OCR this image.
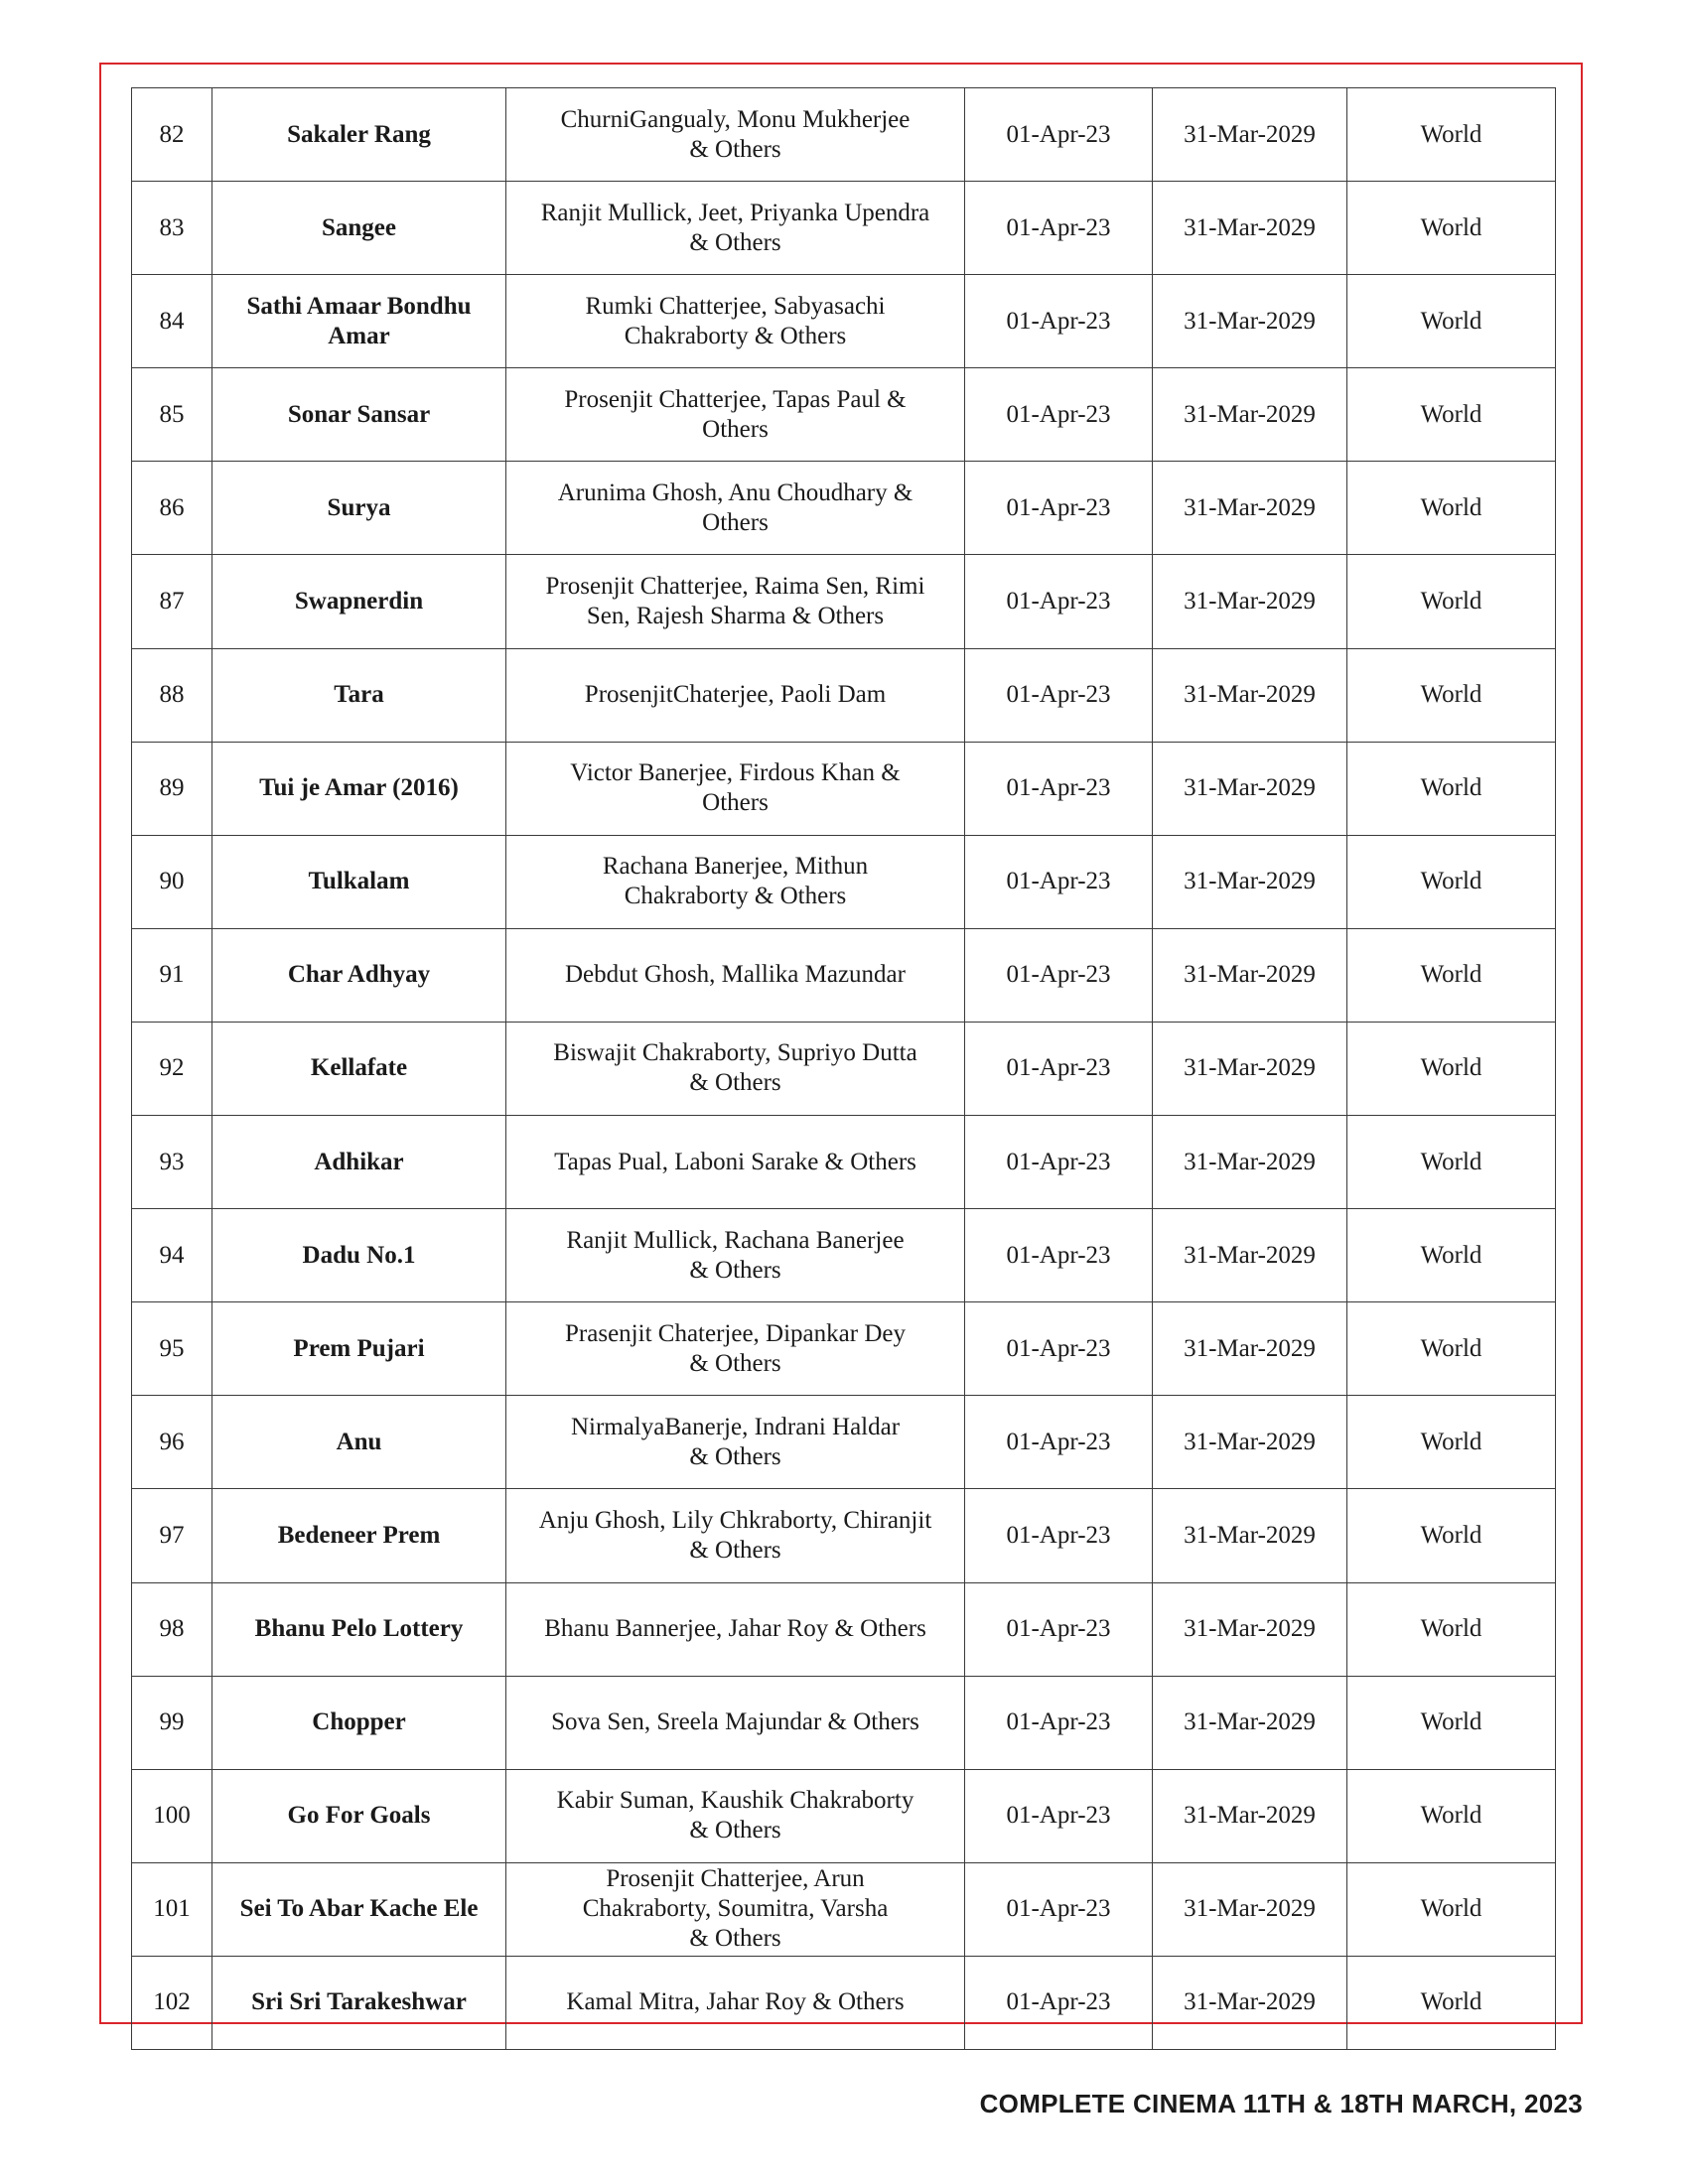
82	Sakaler Rang	ChurniGangualy, Monu Mukherjee
& Others	01-Apr-23	31-Mar-2029	World
83	Sangee	Ranjit Mullick, Jeet, Priyanka Upendra
& Others	01-Apr-23	31-Mar-2029	World
84	Sathi Amaar Bondhu
Amar	Rumki Chatterjee, Sabyasachi
Chakraborty & Others	01-Apr-23	31-Mar-2029	World
85	Sonar Sansar	Prosenjit Chatterjee, Tapas Paul &
Others	01-Apr-23	31-Mar-2029	World
86	Surya	Arunima Ghosh, Anu Choudhary &
Others	01-Apr-23	31-Mar-2029	World
87	Swapnerdin	Prosenjit Chatterjee, Raima Sen, Rimi
Sen, Rajesh Sharma & Others	01-Apr-23	31-Mar-2029	World
88	Tara	ProsenjitChaterjee, Paoli Dam	01-Apr-23	31-Mar-2029	World
89	Tui je Amar (2016)	Victor Banerjee, Firdous Khan &
Others	01-Apr-23	31-Mar-2029	World
90	Tulkalam	Rachana Banerjee, Mithun
Chakraborty & Others	01-Apr-23	31-Mar-2029	World
91	Char Adhyay	Debdut Ghosh, Mallika Mazundar	01-Apr-23	31-Mar-2029	World
92	Kellafate	Biswajit Chakraborty, Supriyo Dutta
& Others	01-Apr-23	31-Mar-2029	World
93	Adhikar	Tapas Pual, Laboni Sarake & Others	01-Apr-23	31-Mar-2029	World
94	Dadu No.1	Ranjit Mullick, Rachana Banerjee
& Others	01-Apr-23	31-Mar-2029	World
95	Prem Pujari	Prasenjit Chaterjee, Dipankar Dey
& Others	01-Apr-23	31-Mar-2029	World
96	Anu	NirmalyaBanerje, Indrani Haldar
& Others	01-Apr-23	31-Mar-2029	World
97	Bedeneer Prem	Anju Ghosh, Lily Chkraborty, Chiranjit
& Others	01-Apr-23	31-Mar-2029	World
98	Bhanu Pelo Lottery	Bhanu Bannerjee, Jahar Roy & Others	01-Apr-23	31-Mar-2029	World
99	Chopper	Sova Sen, Sreela Majundar & Others	01-Apr-23	31-Mar-2029	World
100	Go For Goals	Kabir Suman, Kaushik Chakraborty
& Others	01-Apr-23	31-Mar-2029	World
101	Sei To Abar Kache Ele	Prosenjit Chatterjee, Arun
Chakraborty, Soumitra, Varsha
& Others	01-Apr-23	31-Mar-2029	World
102	Sri Sri Tarakeshwar	Kamal Mitra, Jahar Roy & Others	01-Apr-23	31-Mar-2029	World
COMPLETE CINEMA 11TH & 18TH MARCH, 2023
